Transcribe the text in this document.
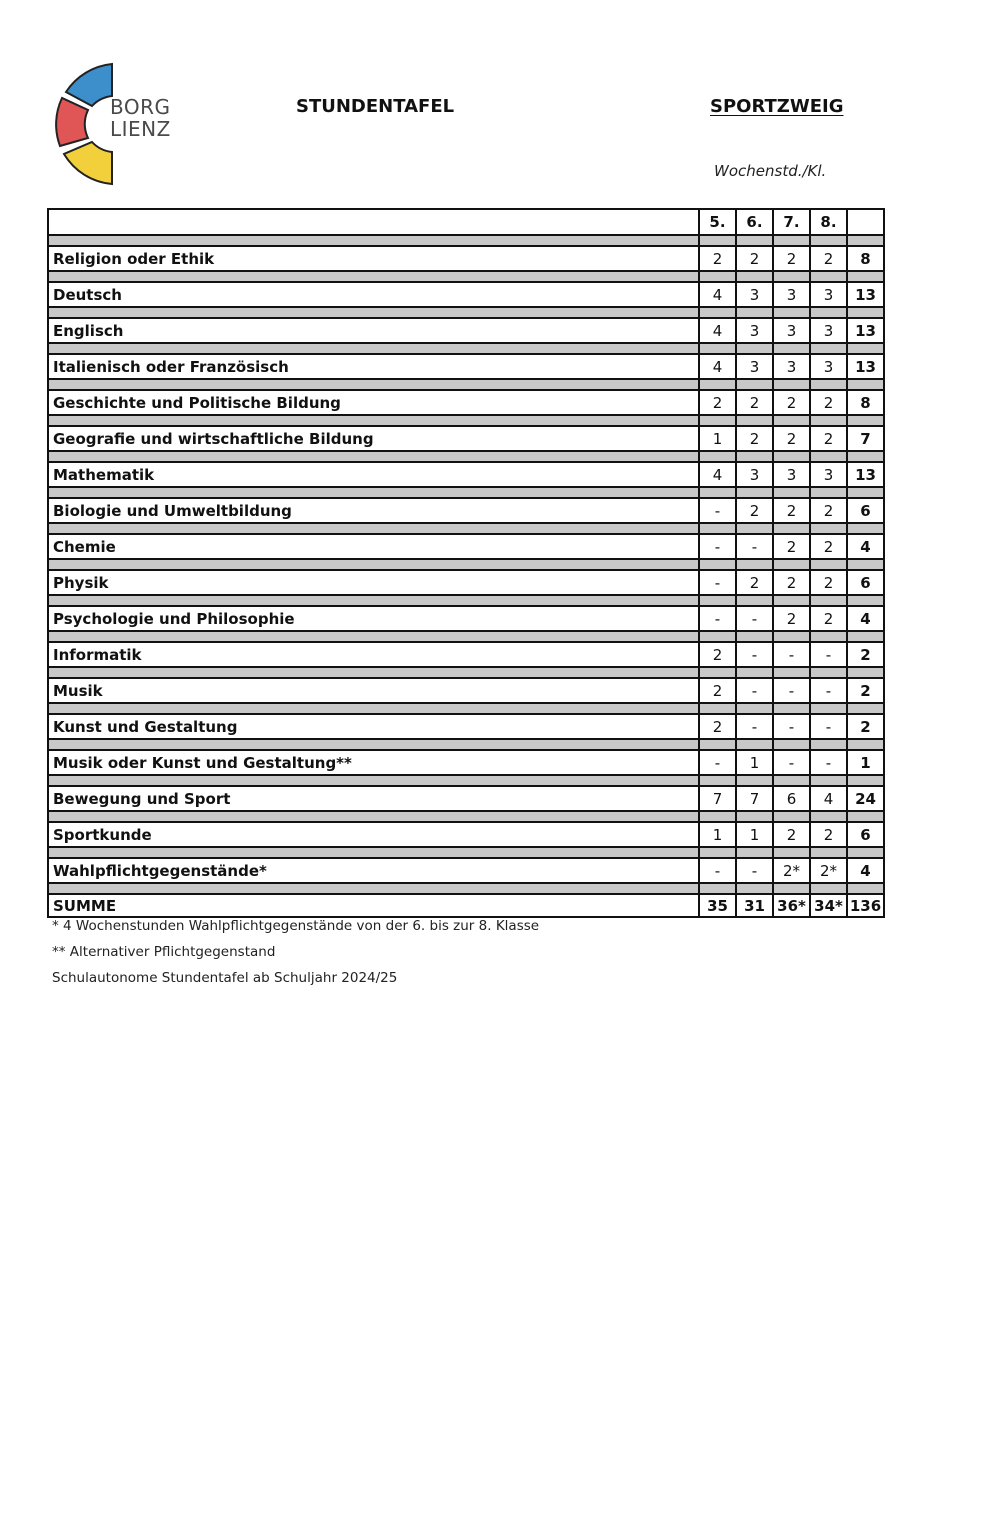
BORG
LIENZ
STUNDENTAFEL	SPORTZWEIG
Wochenstd./Kl.
	5.	6.	7.	8.	

Religion oder Ethik	2	2	2	2	8

Deutsch	4	3	3	3	13

Englisch	4	3	3	3	13

Italienisch oder Französisch	4	3	3	3	13

Geschichte und Politische Bildung	2	2	2	2	8

Geografie und wirtschaftliche Bildung	1	2	2	2	7

Mathematik	4	3	3	3	13

Biologie und Umweltbildung	-	2	2	2	6

Chemie	-	-	2	2	4

Physik	-	2	2	2	6

Psychologie und Philosophie	-	-	2	2	4

Informatik	2	-	-	-	2

Musik	2	-	-	-	2

Kunst und Gestaltung	2	-	-	-	2

Musik oder Kunst und Gestaltung**	-	1	-	-	1

Bewegung und Sport	7	7	6	4	24

Sportkunde	1	1	2	2	6

Wahlpflichtgegenstände*	-	-	2*	2*	4

SUMME	35	31	36*	34*	136
* 4 Wochenstunden Wahlpflichtgegenstände von der 6. bis zur 8. Klasse
** Alternativer Pflichtgegenstand
Schulautonome Stundentafel ab Schuljahr 2024/25
